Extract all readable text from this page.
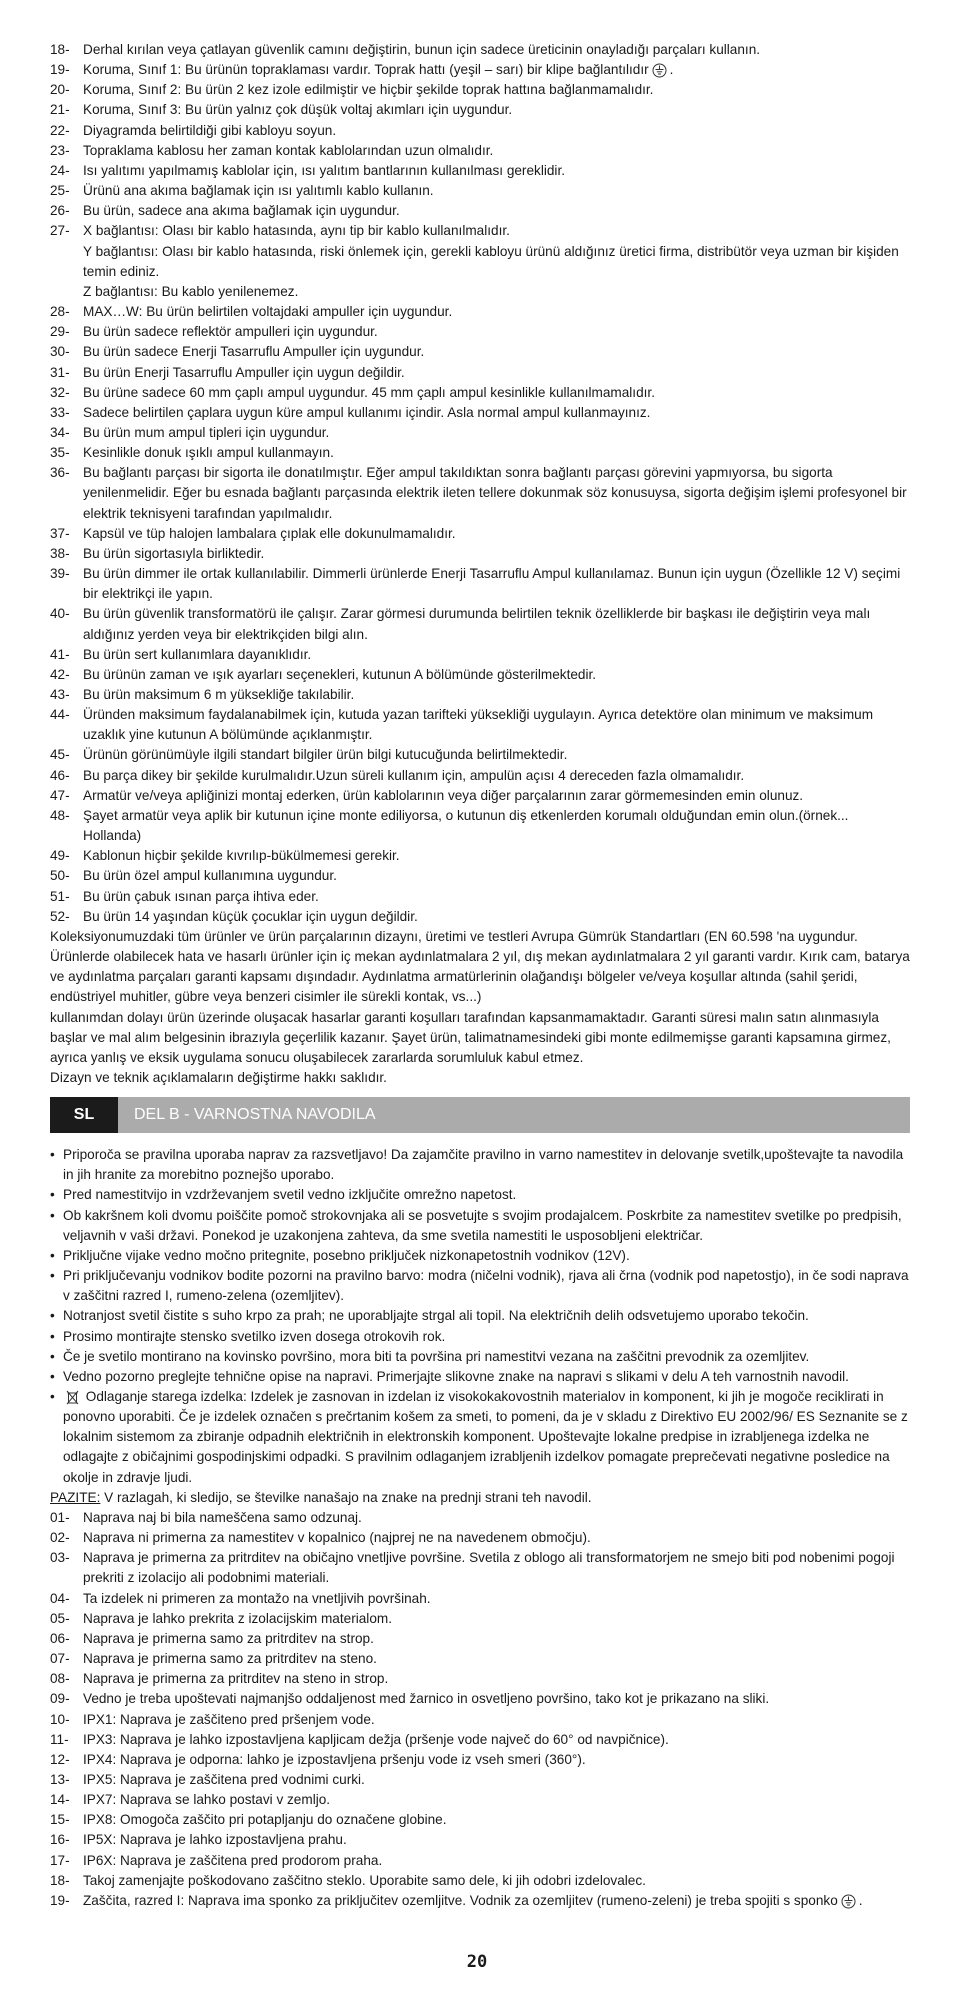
18- Derhal kırılan veya çatlayan güvenlik camını değiştirin, bunun için sadece üreticinin onayladığı parçaları kullanın.
19- Koruma, Sınıf 1: Bu ürünün topraklaması vardır. Toprak hattı (yeşil – sarı) bir klipe bağlantılıdır .
20- Koruma, Sınıf 2: Bu ürün 2 kez izole edilmiştir ve hiçbir şekilde toprak hattına bağlanmamalıdır.
21- Koruma, Sınıf 3: Bu ürün yalnız çok düşük voltaj akımları için uygundur.
22- Diyagramda belirtildiği gibi kabloyu soyun.
23- Topraklama kablosu her zaman kontak kablolarından uzun olmalıdır.
24- Isı yalıtımı yapılmamış kablolar için, ısı yalıtım bantlarının kullanılması gereklidir.
25- Ürünü ana akıma bağlamak için ısı yalıtımlı kablo kullanın.
26- Bu ürün, sadece ana akıma bağlamak için uygundur.
27- X bağlantısı: Olası bir kablo hatasında, aynı tip bir kablo kullanılmalıdır.
Y bağlantısı: Olası bir kablo hatasında, riski önlemek için, gerekli kabloyu ürünü aldığınız üretici firma, distribütör veya uzman bir kişiden temin ediniz.
Z bağlantısı: Bu kablo yenilenemez.
28- MAX…W: Bu ürün belirtilen voltajdaki ampuller için uygundur.
29- Bu ürün sadece reflektör ampulleri için uygundur.
30- Bu ürün sadece Enerji Tasarruflu Ampuller için uygundur.
31- Bu ürün Enerji Tasarruflu Ampuller için uygun değildir.
32- Bu ürüne sadece 60 mm çaplı ampul uygundur. 45 mm çaplı ampul kesinlikle kullanılmamalıdır.
33- Sadece belirtilen çaplara uygun küre ampul kullanımı içindir. Asla normal ampul kullanmayınız.
34- Bu ürün mum ampul tipleri için uygundur.
35- Kesinlikle donuk ışıklı ampul kullanmayın.
36- Bu bağlantı parçası bir sigorta ile donatılmıştır. Eğer ampul takıldıktan sonra bağlantı parçası görevini yapmıyorsa, bu sigorta yenilenmelidir. Eğer bu esnada bağlantı parçasında elektrik ileten tellere dokunmak söz konusuysa, sigorta değişim işlemi profesyonel bir elektrik teknisyeni tarafından yapılmalıdır.
37- Kapsül ve tüp halojen lambalara çıplak elle dokunulmamalıdır.
38- Bu ürün sigortasıyla birliktedir.
39- Bu ürün dimmer ile ortak kullanılabilir. Dimmerli ürünlerde Enerji Tasarruflu Ampul kullanılamaz. Bunun için uygun (Özellikle 12 V) seçimi bir elektrikçi ile yapın.
40- Bu ürün güvenlik transformatörü ile çalışır. Zarar görmesi durumunda belirtilen teknik özelliklerde bir başkası ile değiştirin veya malı aldığınız yerden veya bir elektrikçiden bilgi alın.
41- Bu ürün sert kullanımlara dayanıklıdır.
42- Bu ürünün zaman ve ışık ayarları seçenekleri, kutunun A bölümünde gösterilmektedir.
43- Bu ürün maksimum 6 m yüksekliğe takılabilir.
44- Üründen maksimum faydalanabilmek için, kutuda yazan tarifteki yüksekliği uygulayın. Ayrıca detektöre olan minimum ve maksimum uzaklık yine kutunun A bölümünde açıklanmıştır.
45- Ürünün görünümüyle ilgili standart bilgiler ürün bilgi kutucuğunda belirtilmektedir.
46- Bu parça dikey bir şekilde kurulmalıdır.Uzun süreli kullanım için, ampulün açısı 4 dereceden fazla olmamalıdır.
47- Armatür ve/veya apliğinizi montaj ederken, ürün kablolarının veya diğer parçalarının zarar görmemesinden emin olunuz.
48- Şayet armatür veya aplik bir kutunun içine monte ediliyorsa, o kutunun diş etkenlerden korumalı olduğundan emin olun.(örnek... Hollanda)
49- Kablonun hiçbir şekilde kıvrılıp-bükülmemesi gerekir.
50- Bu ürün özel ampul kullanımına uygundur.
51- Bu ürün çabuk ısınan parça ihtiva eder.
52- Bu ürün 14 yaşından küçük çocuklar için uygun değildir.
Koleksiyonumuzdaki tüm ürünler ve ürün parçalarının dizaynı, üretimi ve testleri Avrupa Gümrük Standartları (EN 60.598 'na uygundur. Ürünlerde olabilecek hata ve hasarlı ürünler için iç mekan aydınlatmalara 2 yıl, dış mekan aydınlatmalara 2 yıl garanti vardır. Kırık cam, batarya ve aydınlatma parçaları garanti kapsamı dışındadır. Aydınlatma armatürlerinin olağandışı bölgeler ve/veya koşullar altında (sahil şeridi, endüstriyel muhitler, gübre veya benzeri cisimler ile sürekli kontak, vs...)
kullanımdan dolayı ürün üzerinde oluşacak hasarlar garanti koşulları tarafından kapsanmamaktadır. Garanti süresi malın satın alınmasıyla başlar ve mal alım belgesinin ibrazıyla geçerlilik kazanır. Şayet ürün, talimatnamesindeki gibi monte edilmemişse garanti kapsamına girmez, ayrıca yanlış ve eksik uygulama sonucu oluşabilecek zararlarda sorumluluk kabul etmez.
Dizayn ve teknik açıklamaların değiştirme hakkı saklıdır.
SL	DEL B - VARNOSTNA NAVODILA
• Priporoča se pravilna uporaba naprav za razsvetljavo! Da zajamčite pravilno in varno namestitev in delovanje svetilk,upoštevajte ta navodila in jih hranite za morebitno poznejšo uporabo.
• Pred namestitvijo in vzdrževanjem svetil vedno izključite omrežno napetost.
• Ob kakršnem koli dvomu poiščite pomoč strokovnjaka ali se posvetujte s svojim prodajalcem. Poskrbite za namestitev svetilke po predpisih, veljavnih v vaši državi. Ponekod je uzakonjena zahteva, da sme svetila namestiti le usposobljeni električar.
• Priključne vijake vedno močno pritegnite, posebno priključek nizkonapetostnih vodnikov (12V).
• Pri priključevanju vodnikov bodite pozorni na pravilno barvo: modra (ničelni vodnik), rjava ali črna (vodnik pod napetostjo), in če sodi naprava v zaščitni razred I, rumeno-zelena (ozemljitev).
• Notranjost svetil čistite s suho krpo za prah; ne uporabljajte strgal ali topil. Na električnih delih odsvetujemo uporabo tekočin.
• Prosimo montirajte stensko svetilko izven dosega otrokovih rok.
• Če je svetilo montirano na kovinsko površino, mora biti ta površina pri namestitvi vezana na zaščitni prevodnik za ozemljitev.
• Vedno pozorno preglejte tehnične opise na napravi. Primerjajte slikovne znake na napravi s slikami v delu A teh varnostnih navodil.
•	Odlaganje starega izdelka: Izdelek je zasnovan in izdelan iz visokokakovostnih materialov in komponent, ki jih je mogoče reciklirati in ponovno uporabiti. Če je izdelek označen s prečrtanim košem za smeti, to pomeni, da je v skladu z Direktivo EU 2002/96/ ES Seznanite se z lokalnim sistemom za zbiranje odpadnih električnih in elektronskih komponent. Upoštevajte lokalne predpise in izrabljenega izdelka ne odlagajte z običajnimi gospodinjskimi odpadki. S pravilnim odlaganjem izrabljenih izdelkov pomagate preprečevati negativne posledice na okolje in zdravje ljudi.
PAZITE: V razlagah, ki sledijo, se številke nanašajo na znake na prednji strani teh navodil.
01- Naprava naj bi bila nameščena samo odzunaj.
02- Naprava ni primerna za namestitev v kopalnico (najprej ne na navedenem območju).
03- Naprava je primerna za pritrditev na običajno vnetljive površine. Svetila z oblogo ali transformatorjem ne smejo biti pod nobenimi pogoji prekriti z izolacijo ali podobnimi materiali.
04- Ta izdelek ni primeren za montažo na vnetljivih površinah.
05- Naprava je lahko prekrita z izolacijskim materialom.
06- Naprava je primerna samo za pritrditev na strop.
07- Naprava je primerna samo za pritrditev na steno.
08- Naprava je primerna za pritrditev na steno in strop.
09- Vedno je treba upoštevati najmanjšo oddaljenost med žarnico in osvetljeno površino, tako kot je prikazano na sliki.
10- IPX1: Naprava je zaščiteno pred pršenjem vode.
11-	IPX3: Naprava je lahko izpostavljena kapljicam dežja (pršenje vode največ do 60° od navpičnice).
12- IPX4: Naprava je odporna: lahko je izpostavljena pršenju vode iz vseh smeri (360°).
13- IPX5: Naprava je zaščitena pred vodnimi curki.
14- IPX7: Naprava se lahko postavi v zemljo.
15- IPX8: Omogoča zaščito pri potapljanju do označene globine.
16- IP5X: Naprava je lahko izpostavljena prahu.
17- IP6X: Naprava je zaščitena pred prodorom praha.
18- Takoj zamenjajte poškodovano zaščitno steklo. Uporabite samo dele, ki jih odobri izdelovalec.
19- Zaščita, razred I: Naprava ima sponko za priključitev ozemljitve. Vodnik za ozemljitev (rumeno-zeleni) je treba spojiti s sponko .
20
